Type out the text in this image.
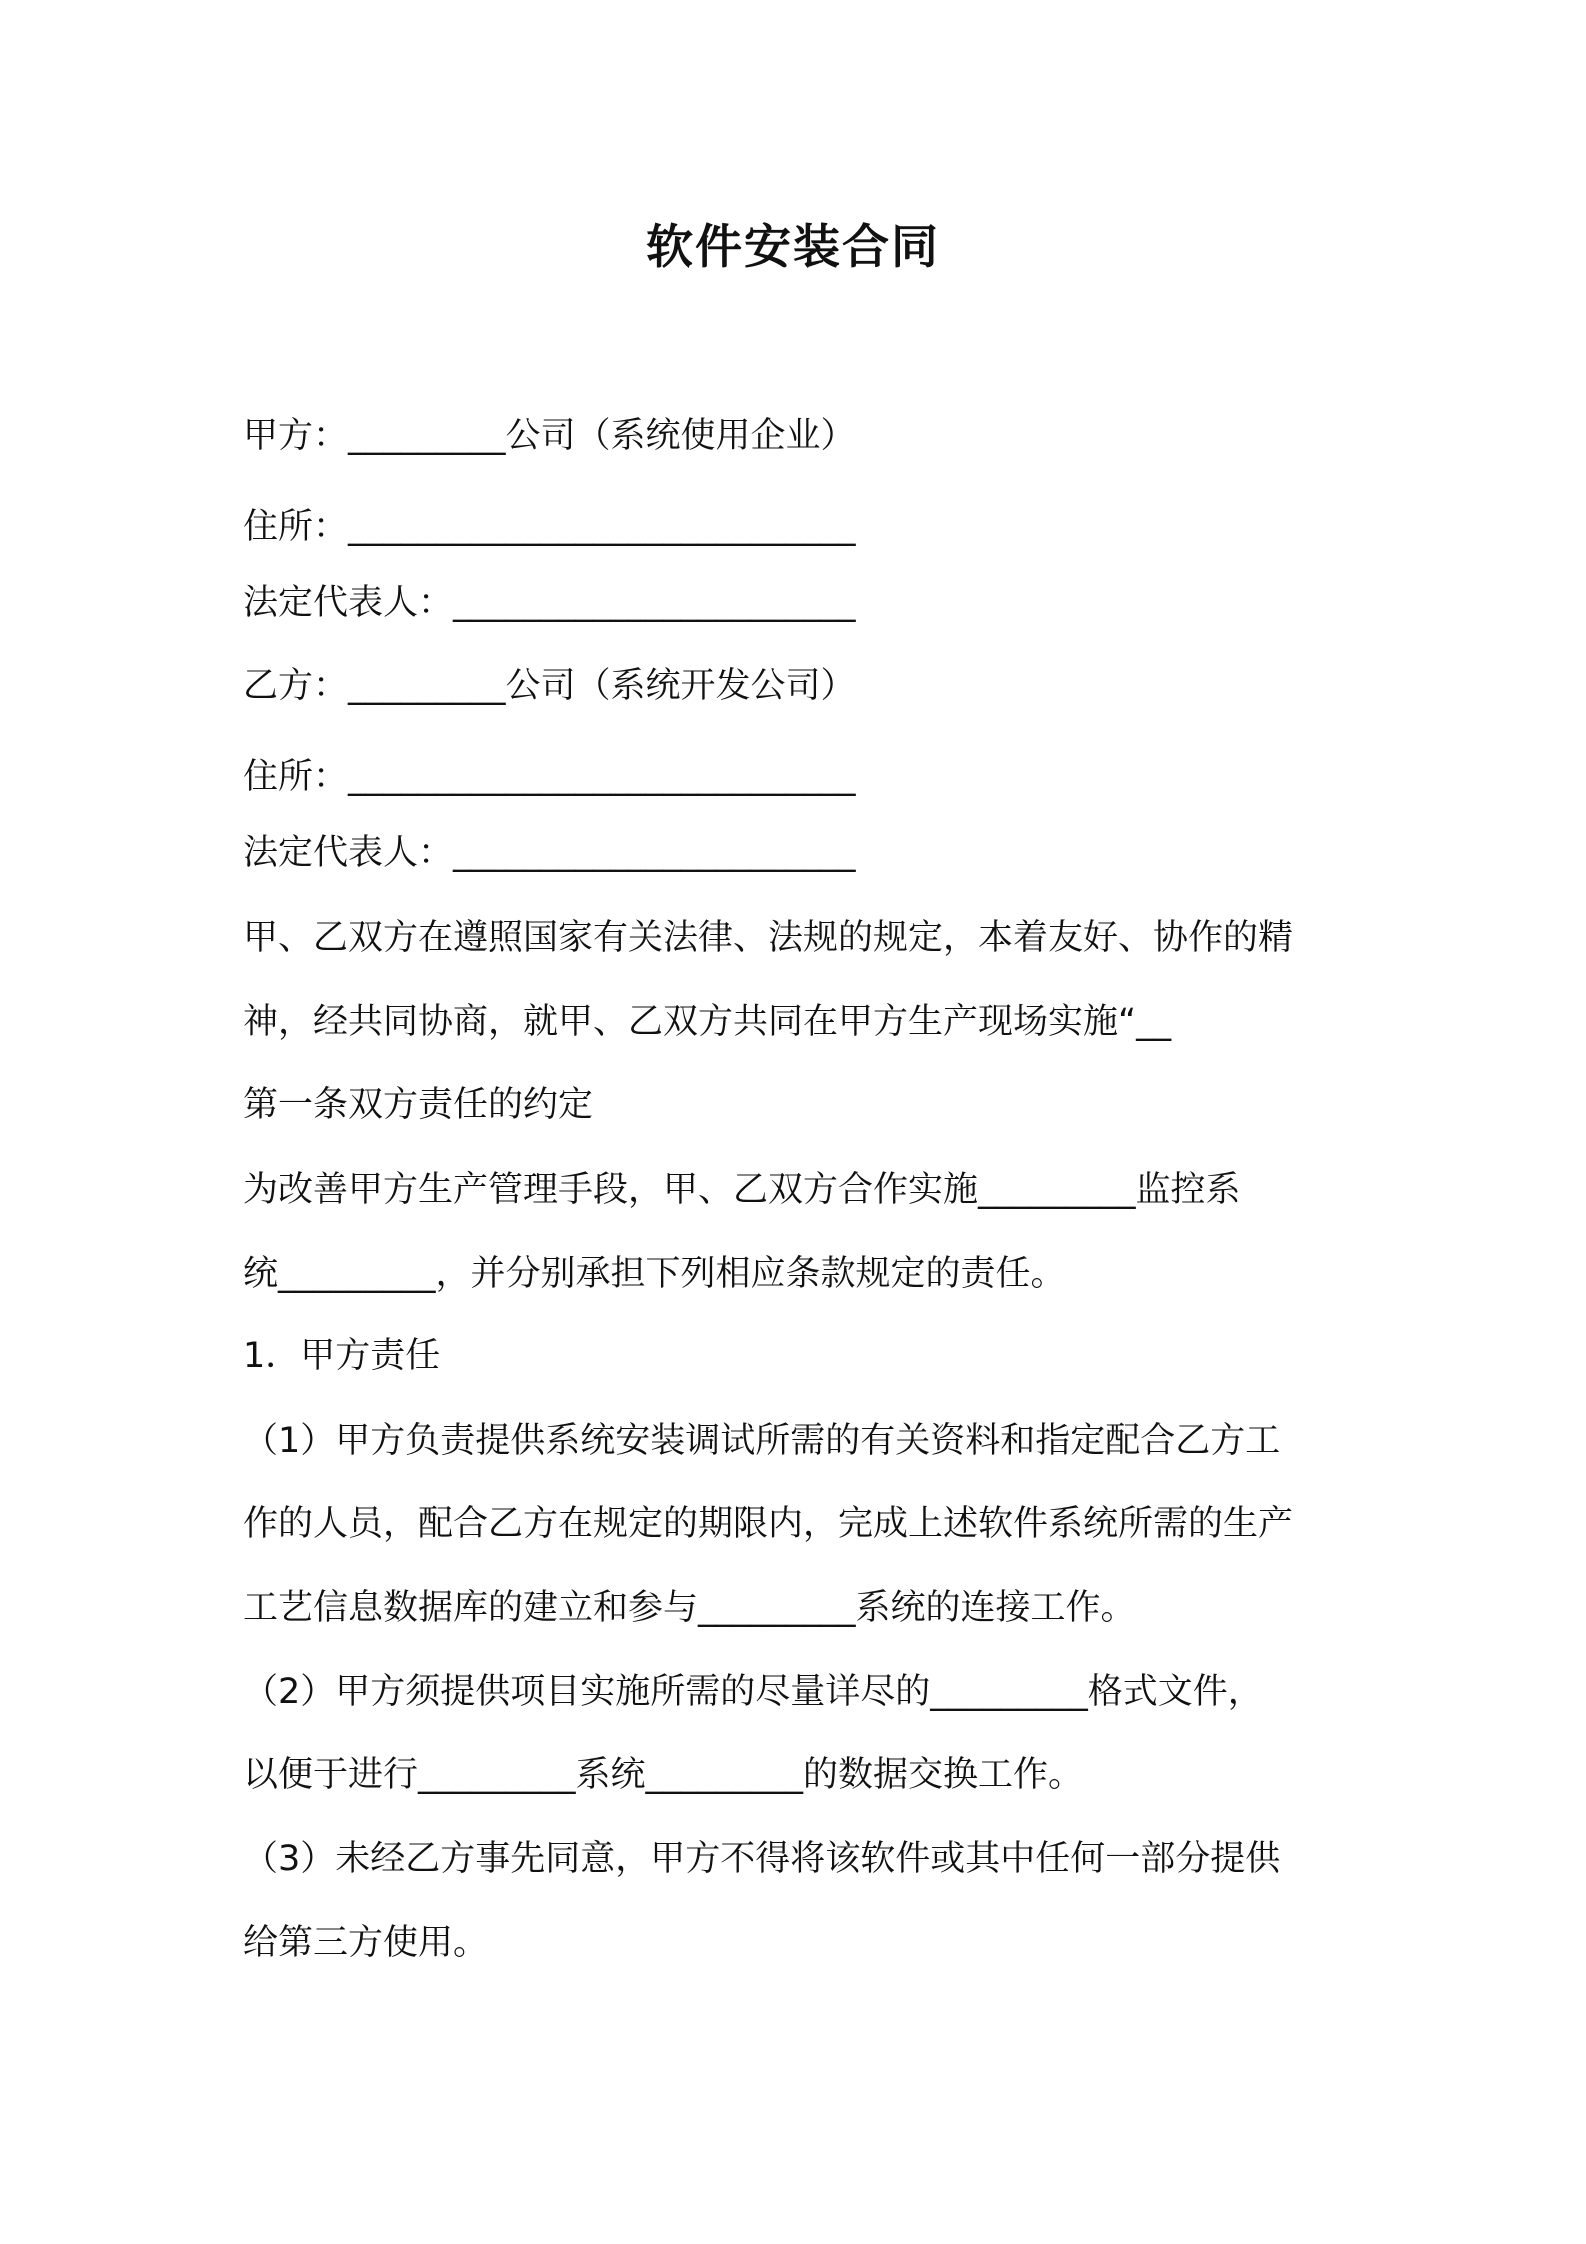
软件安装合同

甲方：_________公司（系统使用企业）

住所：_____________________________

法定代表人：_______________________

乙方：_________公司（系统开发公司）

住所：_____________________________

法定代表人：_______________________

甲、乙双方在遵照国家有关法律、法规的规定，本着友好、协作的精

神，经共同协商，就甲、乙双方共同在甲方生产现场实施“__

第一条双方责任的约定

为改善甲方生产管理手段，甲、乙双方合作实施_________监控系

统_________，并分别承担下列相应条款规定的责任。

1．甲方责任

（1）甲方负责提供系统安装调试所需的有关资料和指定配合乙方工

作的人员，配合乙方在规定的期限内，完成上述软件系统所需的生产

工艺信息数据库的建立和参与_________系统的连接工作。

（2）甲方须提供项目实施所需的尽量详尽的_________格式文件，

以便于进行_________系统_________的数据交换工作。

（3）未经乙方事先同意，甲方不得将该软件或其中任何一部分提供

给第三方使用。
